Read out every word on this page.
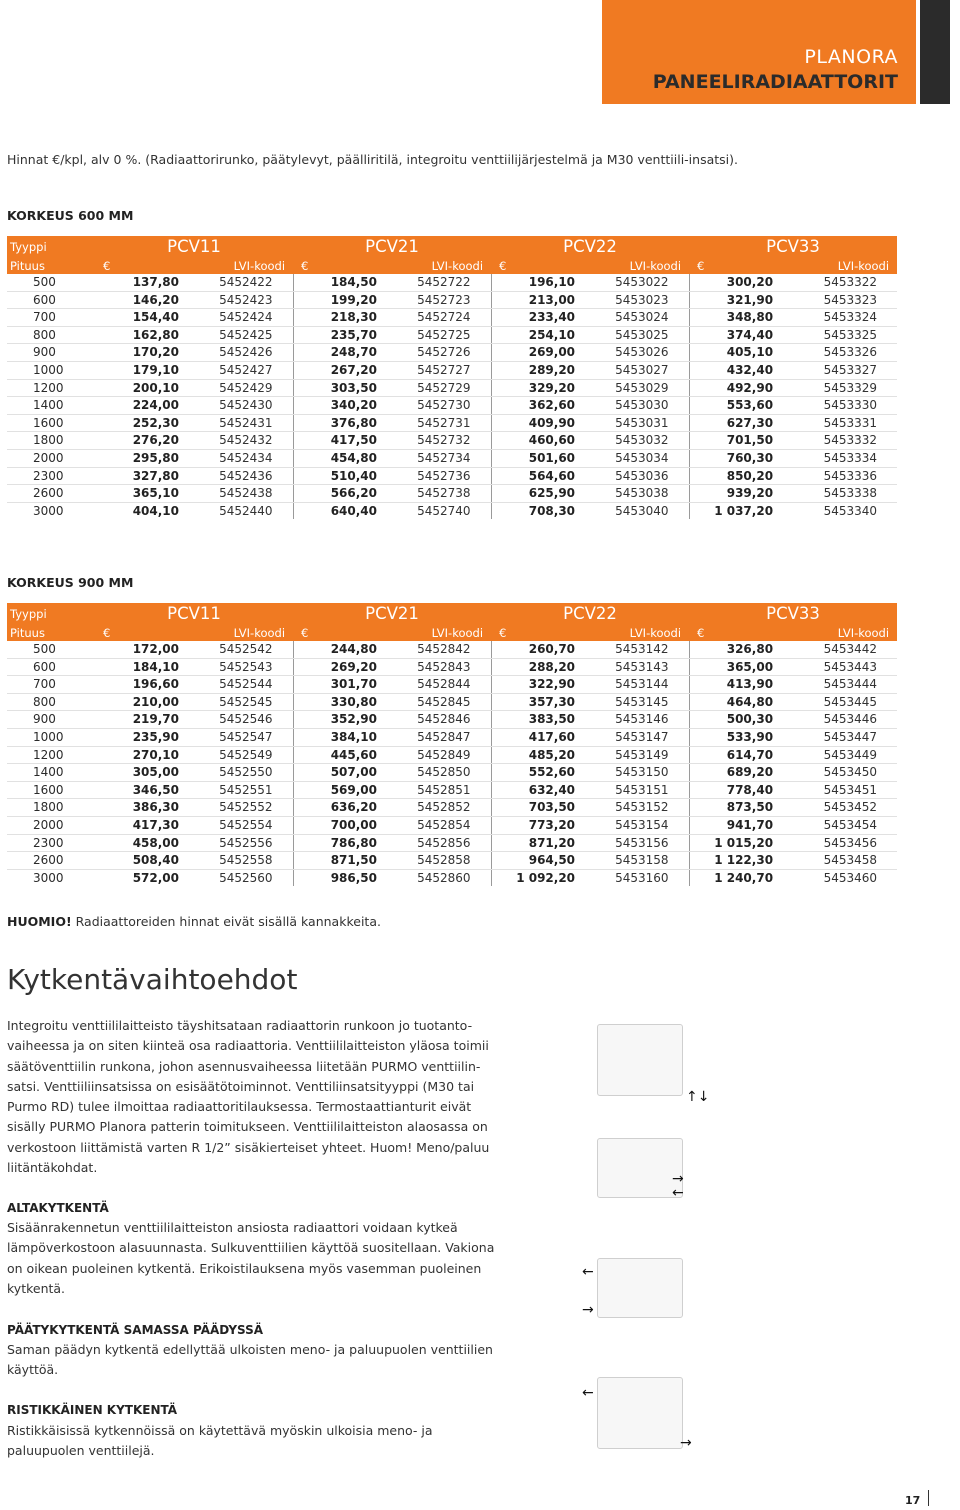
PLANORA
PANEELIRADIAATTORIT
Hinnat €/kpl, alv 0 %. (Radiaattorirunko, päätylevyt, päälliritilä, integroitu venttiilijärjestelmä ja M30 venttiili-insatsi).
KORKEUS 600 MM
Tyyppi	PCV11		PCV21		PCV22		PCV33	
Pituus	€	LVI-koodi	€	LVI-koodi	€	LVI-koodi	€	LVI-koodi
500	137,80	5452422	184,50	5452722	196,10	5453022	300,20	5453322
600	146,20	5452423	199,20	5452723	213,00	5453023	321,90	5453323
700	154,40	5452424	218,30	5452724	233,40	5453024	348,80	5453324
800	162,80	5452425	235,70	5452725	254,10	5453025	374,40	5453325
900	170,20	5452426	248,70	5452726	269,00	5453026	405,10	5453326
1000	179,10	5452427	267,20	5452727	289,20	5453027	432,40	5453327
1200	200,10	5452429	303,50	5452729	329,20	5453029	492,90	5453329
1400	224,00	5452430	340,20	5452730	362,60	5453030	553,60	5453330
1600	252,30	5452431	376,80	5452731	409,90	5453031	627,30	5453331
1800	276,20	5452432	417,50	5452732	460,60	5453032	701,50	5453332
2000	295,80	5452434	454,80	5452734	501,60	5453034	760,30	5453334
2300	327,80	5452436	510,40	5452736	564,60	5453036	850,20	5453336
2600	365,10	5452438	566,20	5452738	625,90	5453038	939,20	5453338
3000	404,10	5452440	640,40	5452740	708,30	5453040	1 037,20	5453340
KORKEUS 900 MM
Tyyppi	PCV11		PCV21		PCV22		PCV33	
Pituus	€	LVI-koodi	€	LVI-koodi	€	LVI-koodi	€	LVI-koodi
500	172,00	5452542	244,80	5452842	260,70	5453142	326,80	5453442
600	184,10	5452543	269,20	5452843	288,20	5453143	365,00	5453443
700	196,60	5452544	301,70	5452844	322,90	5453144	413,90	5453444
800	210,00	5452545	330,80	5452845	357,30	5453145	464,80	5453445
900	219,70	5452546	352,90	5452846	383,50	5453146	500,30	5453446
1000	235,90	5452547	384,10	5452847	417,60	5453147	533,90	5453447
1200	270,10	5452549	445,60	5452849	485,20	5453149	614,70	5453449
1400	305,00	5452550	507,00	5452850	552,60	5453150	689,20	5453450
1600	346,50	5452551	569,00	5452851	632,40	5453151	778,40	5453451
1800	386,30	5452552	636,20	5452852	703,50	5453152	873,50	5453452
2000	417,30	5452554	700,00	5452854	773,20	5453154	941,70	5453454
2300	458,00	5452556	786,80	5452856	871,20	5453156	1 015,20	5453456
2600	508,40	5452558	871,50	5452858	964,50	5453158	1 122,30	5453458
3000	572,00	5452560	986,50	5452860	1 092,20	5453160	1 240,70	5453460
HUOMIO! Radiaattoreiden hinnat eivät sisällä kannakkeita.
Kytkentävaihtoehdot
Integroitu venttiililaitteisto täyshitsataan radiaattorin runkoon jo tuotanto-vaiheessa ja on siten kiinteä osa radiaattoria. Venttiililaitteiston yläosa toimii säätöventtiilin runkona, johon asennusvaiheessa liitetään PURMO venttiilin-satsi. Venttiiliinsatsissa on esisäätötoiminnot. Venttiliinsatsityyppi (M30 tai Purmo RD) tulee ilmoittaa radiaattoritilauksessa. Termostaattianturit eivät sisälly PURMO Planora patterin toimitukseen. Venttiililaitteiston alaosassa on verkostoon liittämistä varten R 1/2” sisäkierteiset yhteet. Huom! Meno/paluu liitäntäkohdat.
ALTAKYTKENTÄ
Sisäänrakennetun venttiililaitteiston ansiosta radiaattori voidaan kytkeä lämpöverkostoon alasuunnasta. Sulkuventtiilien käyttöä suositellaan. Vakiona on oikean puoleinen kytkentä. Erikoistilauksena myös vasemman puoleinen kytkentä.
PÄÄTYKYTKENTÄ SAMASSA PÄÄDYSSÄ
Saman päädyn kytkentä edellyttää ulkoisten meno- ja paluupuolen venttiilien käyttöä.
RISTIKKÄINEN KYTKENTÄ
Ristikkäisissä kytkennöissä on käytettävä myöskin ulkoisia meno- ja paluupuolen venttiilejä.
↑↓
→
←
←
→
←
→
17
